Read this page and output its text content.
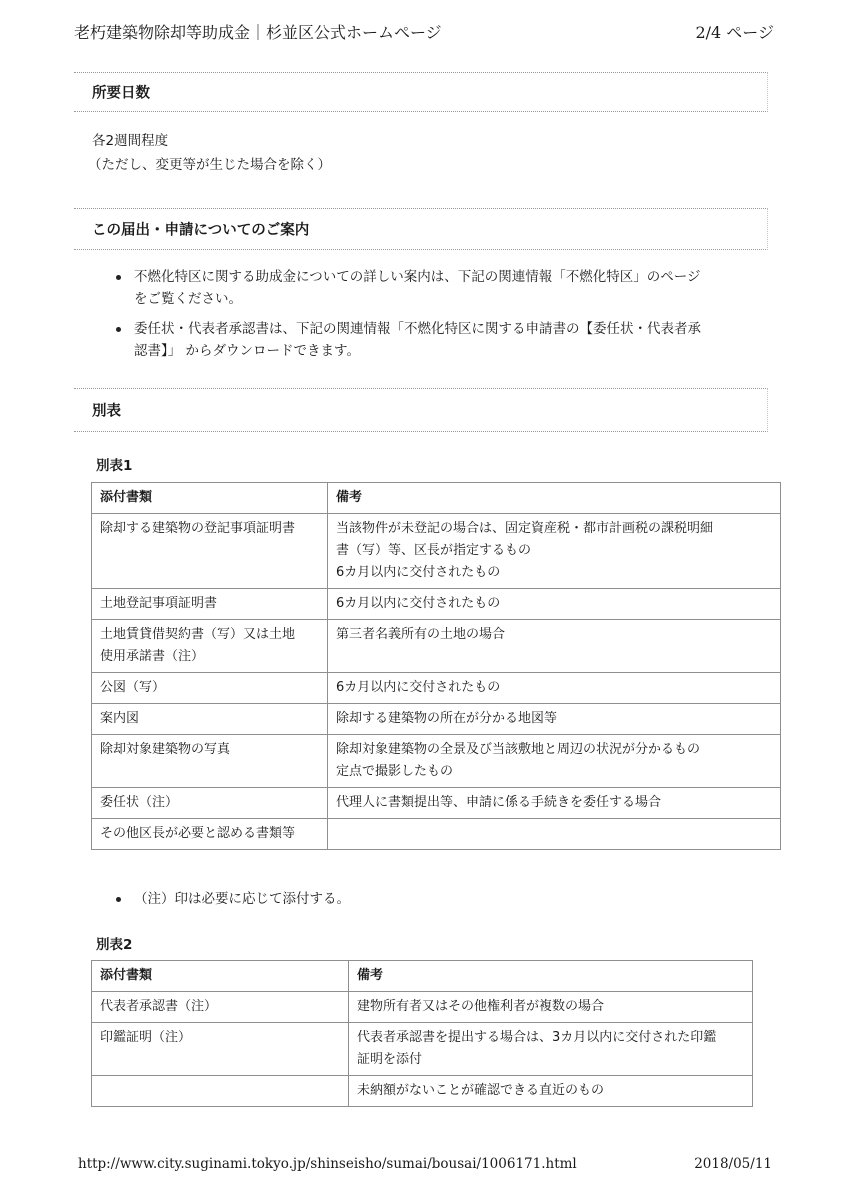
老朽建築物除却等助成金｜杉並区公式ホームページ	2/4 ページ
所要日数
各2週間程度
（ただし、変更等が生じた場合を除く）
この届出・申請についてのご案内
不燃化特区に関する助成金についての詳しい案内は、下記の関連情報「不燃化特区」のページ
をご覧ください。
委任状・代表者承認書は、下記の関連情報「不燃化特区に関する申請書の【委任状・代表者承
認書】」 からダウンロードできます。
別表
別表1
添付書類	備考
除却する建築物の登記事項証明書	当該物件が未登記の場合は、固定資産税・都市計画税の課税明細
書（写）等、区長が指定するもの
6カ月以内に交付されたもの
土地登記事項証明書	6カ月以内に交付されたもの
土地賃貸借契約書（写）又は土地
使用承諾書（注）	第三者名義所有の土地の場合
公図（写）	6カ月以内に交付されたもの
案内図	除却する建築物の所在が分かる地図等
除却対象建築物の写真	除却対象建築物の全景及び当該敷地と周辺の状況が分かるもの
定点で撮影したもの
委任状（注）	代理人に書類提出等、申請に係る手続きを委任する場合
その他区長が必要と認める書類等	
（注）印は必要に応じて添付する。
別表2
添付書類	備考
代表者承認書（注）	建物所有者又はその他権利者が複数の場合
印鑑証明（注）	代表者承認書を提出する場合は、3カ月以内に交付された印鑑
証明を添付
	未納額がないことが確認できる直近のもの
http://www.city.suginami.tokyo.jp/shinseisho/sumai/bousai/1006171.html	2018/05/11
